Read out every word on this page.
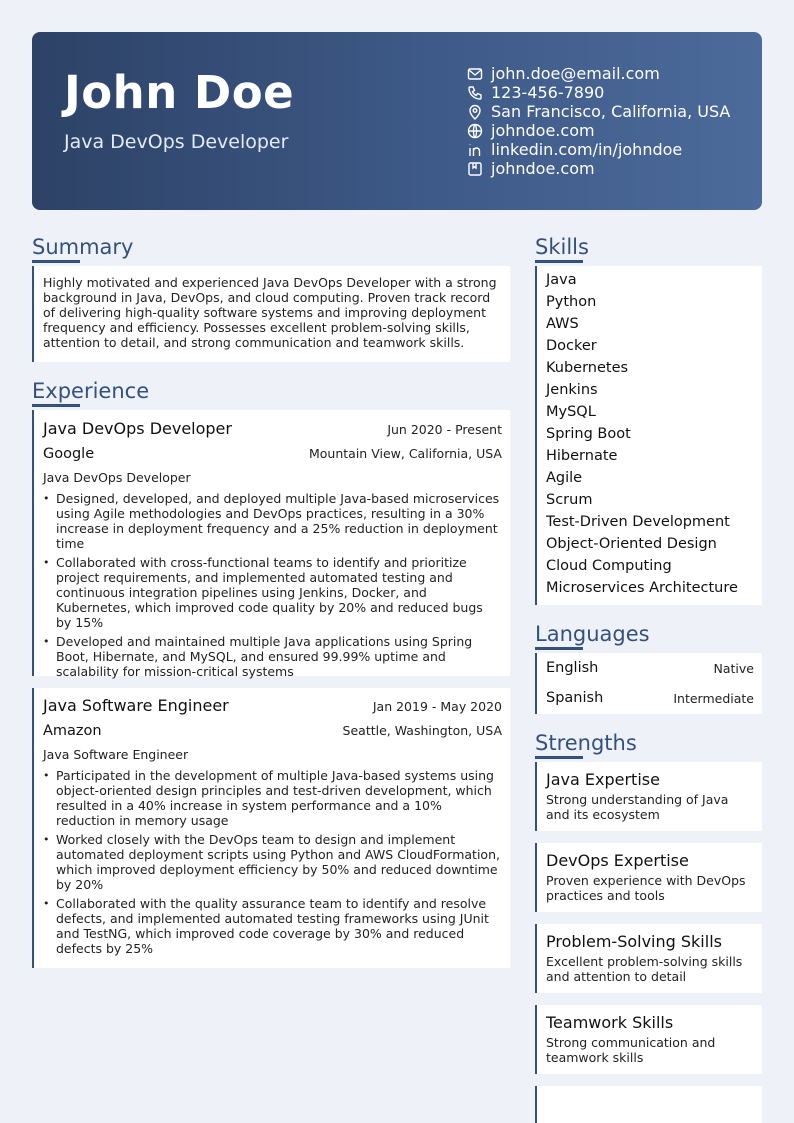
John Doe
Java DevOps Developer
john.doe@email.com
123-456-7890
San Francisco, California, USA
johndoe.com
linkedin.com/in/johndoe
johndoe.com
Summary
Highly motivated and experienced Java DevOps Developer with a strong background in Java, DevOps, and cloud computing. Proven track record of delivering high-quality software systems and improving deployment frequency and efficiency. Possesses excellent problem-solving skills, attention to detail, and strong communication and teamwork skills.
Experience
Java DevOps Developer	Jun 2020 - Present
Google	Mountain View, California, USA
Java DevOps Developer
• Designed, developed, and deployed multiple Java-based microservices using Agile methodologies and DevOps practices, resulting in a 30% increase in deployment frequency and a 25% reduction in deployment time
• Collaborated with cross-functional teams to identify and prioritize project requirements, and implemented automated testing and continuous integration pipelines using Jenkins, Docker, and Kubernetes, which improved code quality by 20% and reduced bugs by 15%
• Developed and maintained multiple Java applications using Spring Boot, Hibernate, and MySQL, and ensured 99.99% uptime and scalability for mission-critical systems
Java Software Engineer	Jan 2019 - May 2020
Amazon	Seattle, Washington, USA
Java Software Engineer
• Participated in the development of multiple Java-based systems using object-oriented design principles and test-driven development, which resulted in a 40% increase in system performance and a 10% reduction in memory usage
• Worked closely with the DevOps team to design and implement automated deployment scripts using Python and AWS CloudFormation, which improved deployment efficiency by 50% and reduced downtime by 20%
• Collaborated with the quality assurance team to identify and resolve defects, and implemented automated testing frameworks using JUnit and TestNG, which improved code coverage by 30% and reduced defects by 25%
Skills
Java
Python
AWS
Docker
Kubernetes
Jenkins
MySQL
Spring Boot
Hibernate
Agile
Scrum
Test-Driven Development
Object-Oriented Design
Cloud Computing
Microservices Architecture
Languages
English	Native
Spanish	Intermediate
Strengths
Java Expertise
Strong understanding of Java and its ecosystem
DevOps Expertise
Proven experience with DevOps practices and tools
Problem-Solving Skills
Excellent problem-solving skills and attention to detail
Teamwork Skills
Strong communication and teamwork skills
